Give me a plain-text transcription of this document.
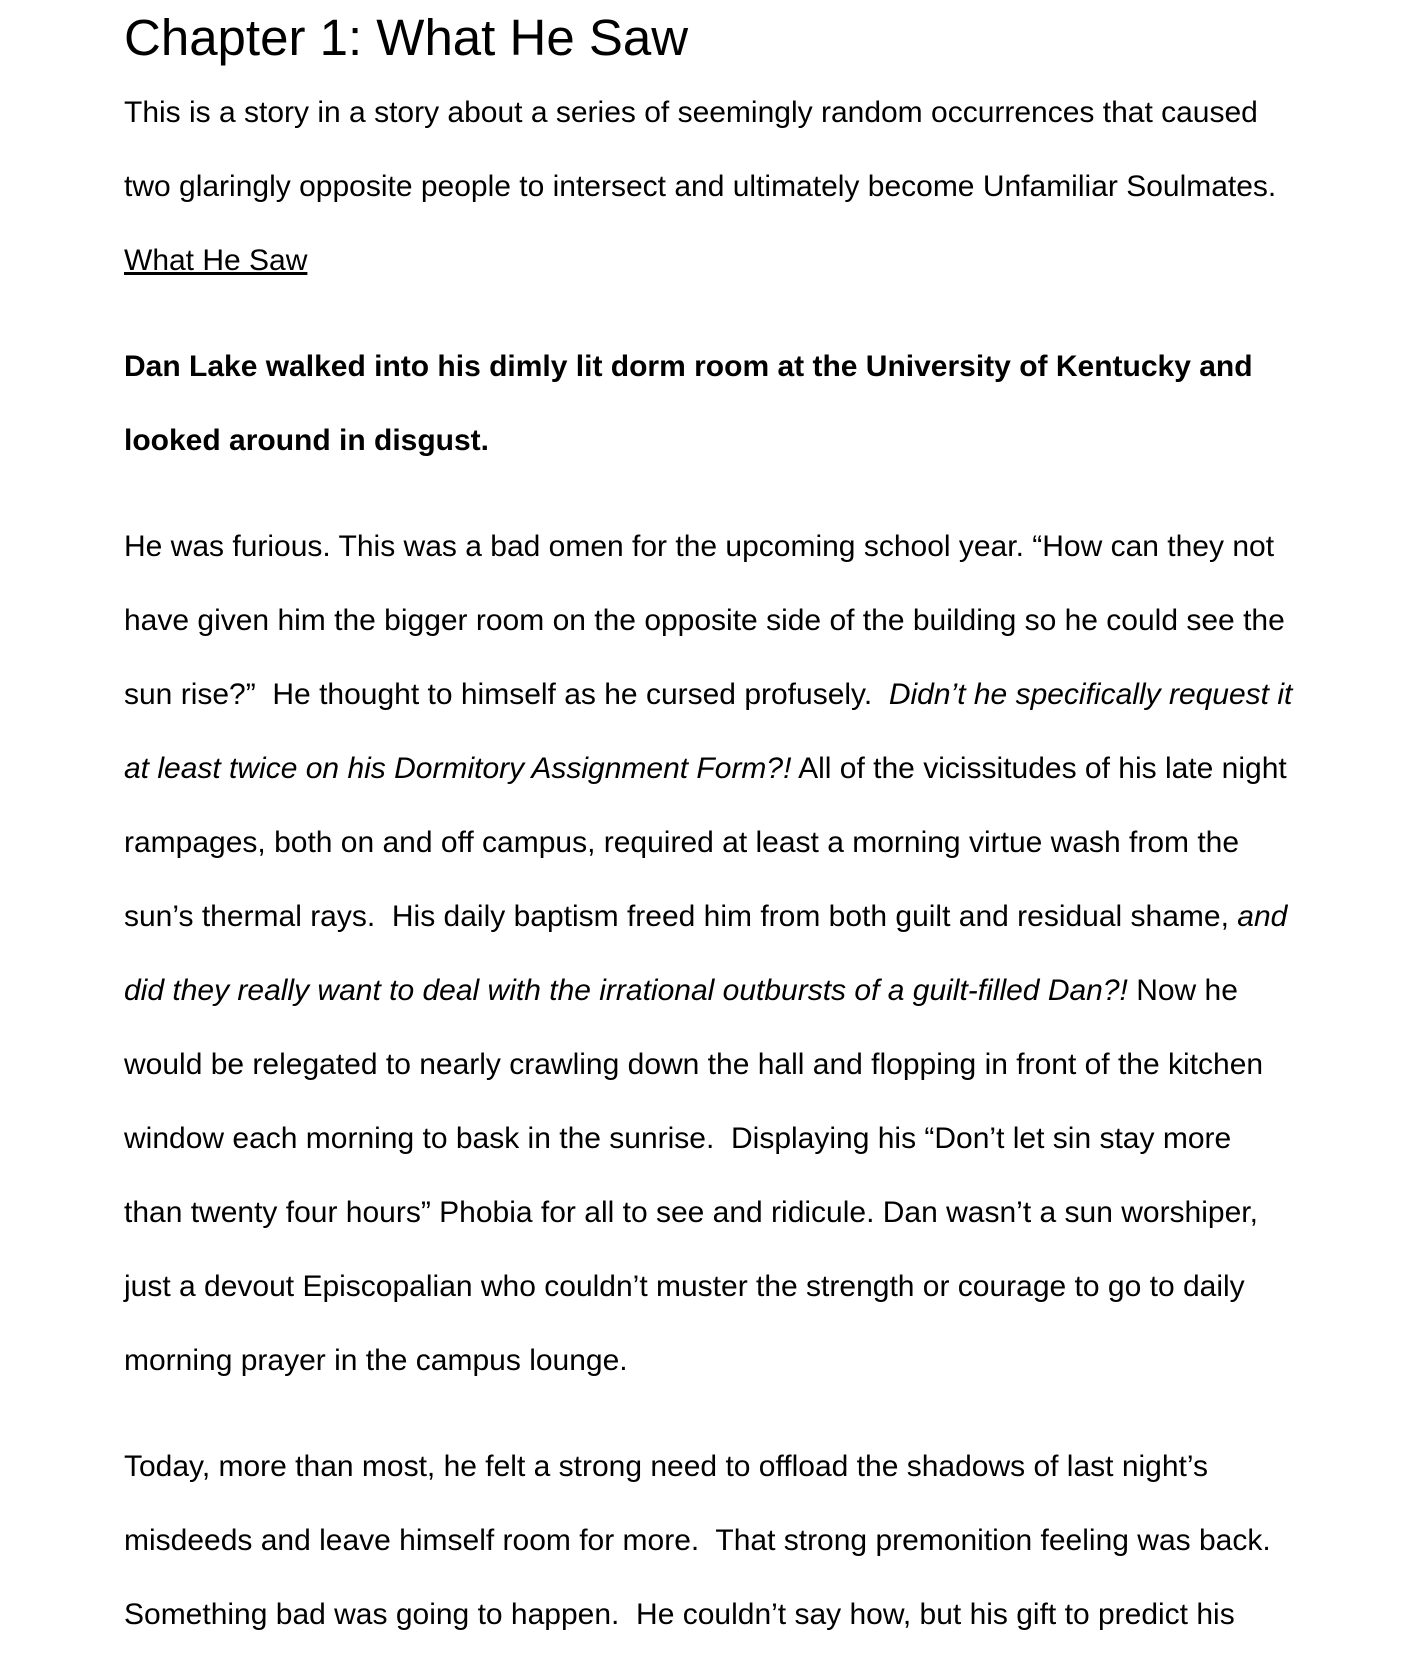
Chapter 1: What He Saw

This is a story in a story about a series of seemingly random occurrences that caused

two glaringly opposite people to intersect and ultimately become Unfamiliar Soulmates.

What He Saw

Dan Lake walked into his dimly lit dorm room at the University of Kentucky and

looked around in disgust.

He was furious. This was a bad omen for the upcoming school year. “How can they not

have given him the bigger room on the opposite side of the building so he could see the

sun rise?”  He thought to himself as he cursed profusely.  Didn’t he specifically request it

at least twice on his Dormitory Assignment Form?! All of the vicissitudes of his late night

rampages, both on and off campus, required at least a morning virtue wash from the

sun’s thermal rays.  His daily baptism freed him from both guilt and residual shame, and

did they really want to deal with the irrational outbursts of a guilt-filled Dan?! Now he

would be relegated to nearly crawling down the hall and flopping in front of the kitchen

window each morning to bask in the sunrise.  Displaying his “Don’t let sin stay more

than twenty four hours” Phobia for all to see and ridicule. Dan wasn’t a sun worshiper,

just a devout Episcopalian who couldn’t muster the strength or courage to go to daily

morning prayer in the campus lounge.

Today, more than most, he felt a strong need to offload the shadows of last night’s

misdeeds and leave himself room for more.  That strong premonition feeling was back.

Something bad was going to happen.  He couldn’t say how, but his gift to predict his
